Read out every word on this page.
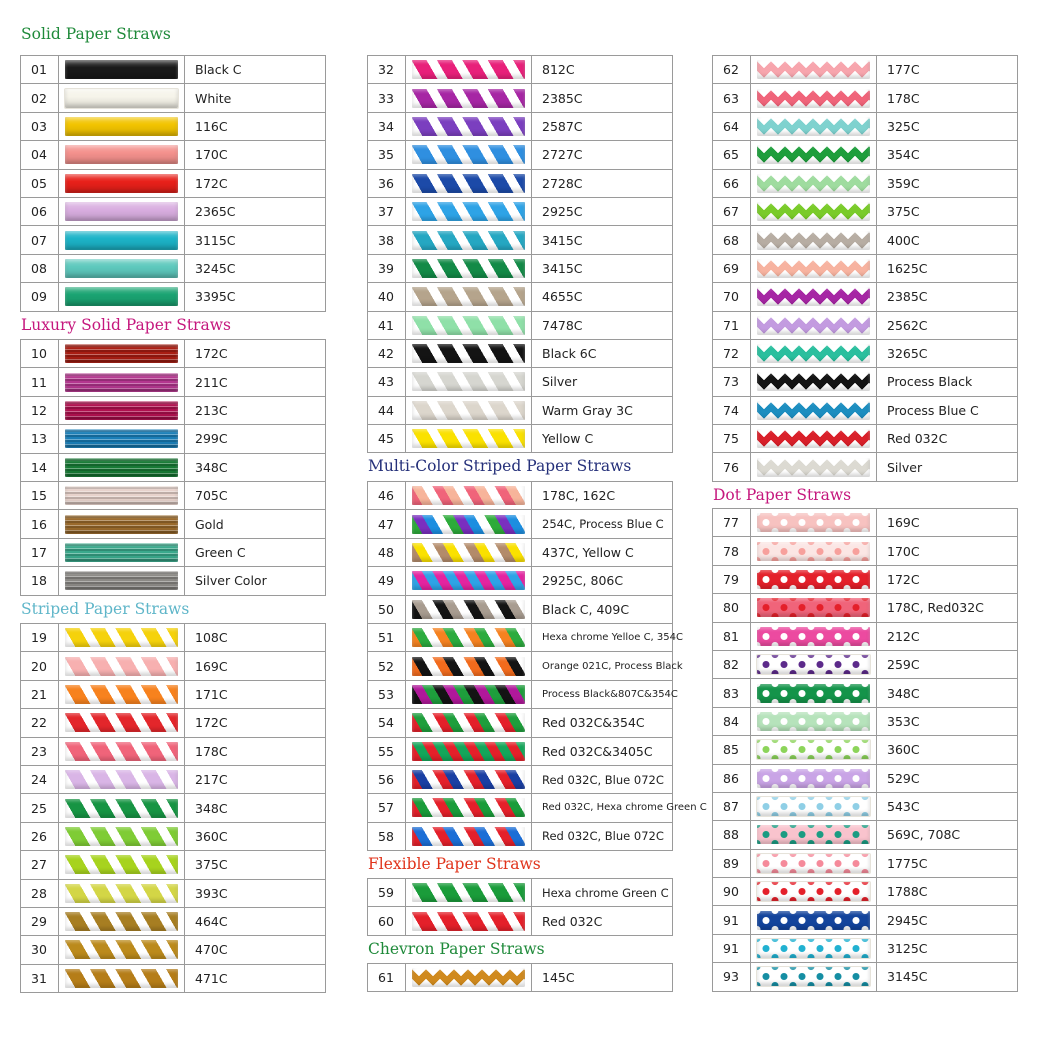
Solid Paper Straws
Luxury Solid Paper Straws
Striped Paper Straws
Multi-Color Striped Paper Straws
Flexible Paper Straws
Chevron Paper Straws
Dot Paper Straws
01		Black C
02		White
03		116C
04		170C
05		172C
06		2365C
07		3115C
08		3245C
09		3395C
10		172C
11		211C
12		213C
13		299C
14		348C
15		705C
16		Gold
17		Green C
18		Silver Color
19		108C
20		169C
21		171C
22		172C
23		178C
24		217C
25		348C
26		360C
27		375C
28		393C
29		464C
30		470C
31		471C
32		812C
33		2385C
34		2587C
35		2727C
36		2728C
37		2925C
38		3415C
39		3415C
40		4655C
41		7478C
42		Black 6C
43		Silver
44		Warm Gray 3C
45		Yellow C
46		178C, 162C
47		254C, Process Blue C
48		437C, Yellow C
49		2925C, 806C
50		Black C, 409C
51		Hexa chrome Yelloe C, 354C
52		Orange 021C, Process Black
53		Process Black&807C&354C
54		Red 032C&354C
55		Red 032C&3405C
56		Red 032C, Blue 072C
57		Red 032C, Hexa chrome Green C
58		Red 032C, Blue 072C
59		Hexa chrome Green C
60		Red 032C
61		145C
62		177C
63		178C
64		325C
65		354C
66		359C
67		375C
68		400C
69		1625C
70		2385C
71		2562C
72		3265C
73		Process Black
74		Process Blue C
75		Red 032C
76		Silver
77		169C
78		170C
79		172C
80		178C, Red032C
81		212C
82		259C
83		348C
84		353C
85		360C
86		529C
87		543C
88		569C, 708C
89		1775C
90		1788C
91		2945C
91		3125C
93		3145C
